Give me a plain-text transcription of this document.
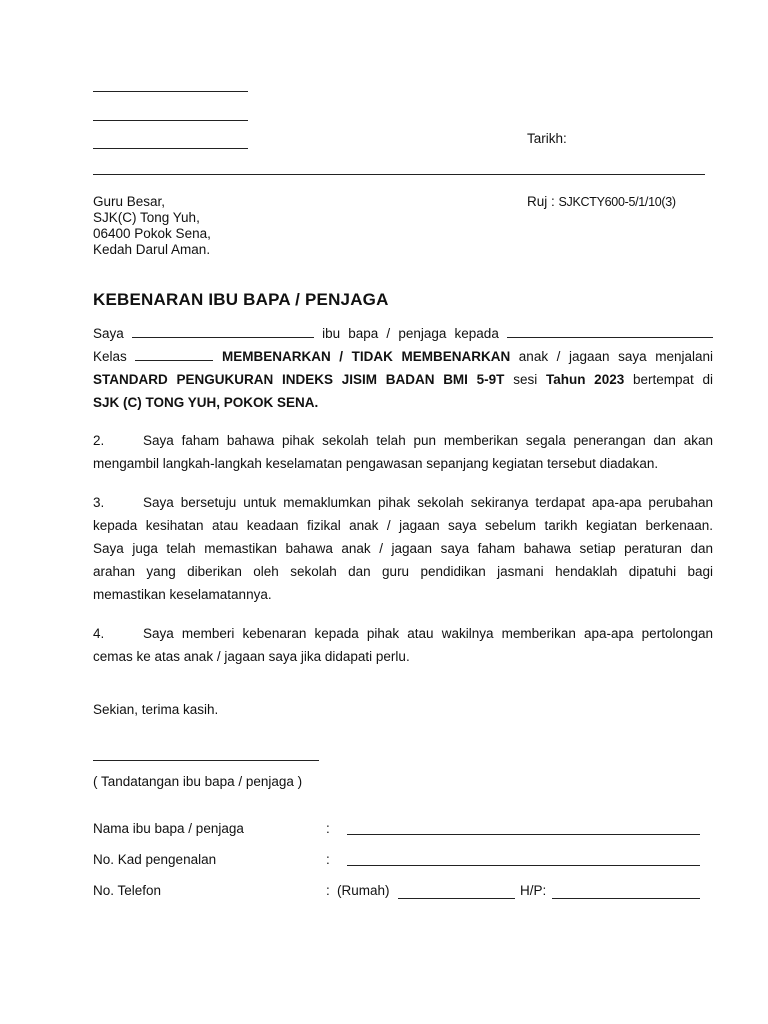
Tarikh:
Guru Besar,
SJK(C) Tong Yuh,
06400 Pokok Sena,
Kedah Darul Aman.
Ruj : SJKCTY600-5/1/10(3)
KEBENARAN IBU BAPA / PENJAGA
Saya	ibu bapa / penjaga kepada
Kelas	MEMBENARKAN / TIDAK MEMBENARKAN anak / jagaan saya menjalani
STANDARD PENGUKURAN INDEKS JISIM BADAN BMI 5-9T sesi Tahun 2023 bertempat di
SJK (C) TONG YUH, POKOK SENA.
2.	Saya faham bahawa pihak sekolah telah pun memberikan segala penerangan dan akan
mengambil langkah-langkah keselamatan pengawasan sepanjang kegiatan tersebut diadakan.
3.	Saya bersetuju untuk memaklumkan pihak sekolah sekiranya terdapat apa-apa perubahan
kepada kesihatan atau keadaan fizikal anak / jagaan saya sebelum tarikh kegiatan berkenaan.
Saya juga telah memastikan bahawa anak / jagaan saya faham bahawa setiap peraturan dan
arahan yang diberikan oleh sekolah dan guru pendidikan jasmani hendaklah dipatuhi bagi
memastikan keselamatannya.
4.	Saya memberi kebenaran kepada pihak atau wakilnya memberikan apa-apa pertolongan
cemas ke atas anak / jagaan saya jika didapati perlu.
Sekian, terima kasih.
( Tandatangan ibu bapa / penjaga )
Nama ibu bapa / penjaga	:
No. Kad pengenalan	:
No. Telefon	: (Rumah)	H/P:
